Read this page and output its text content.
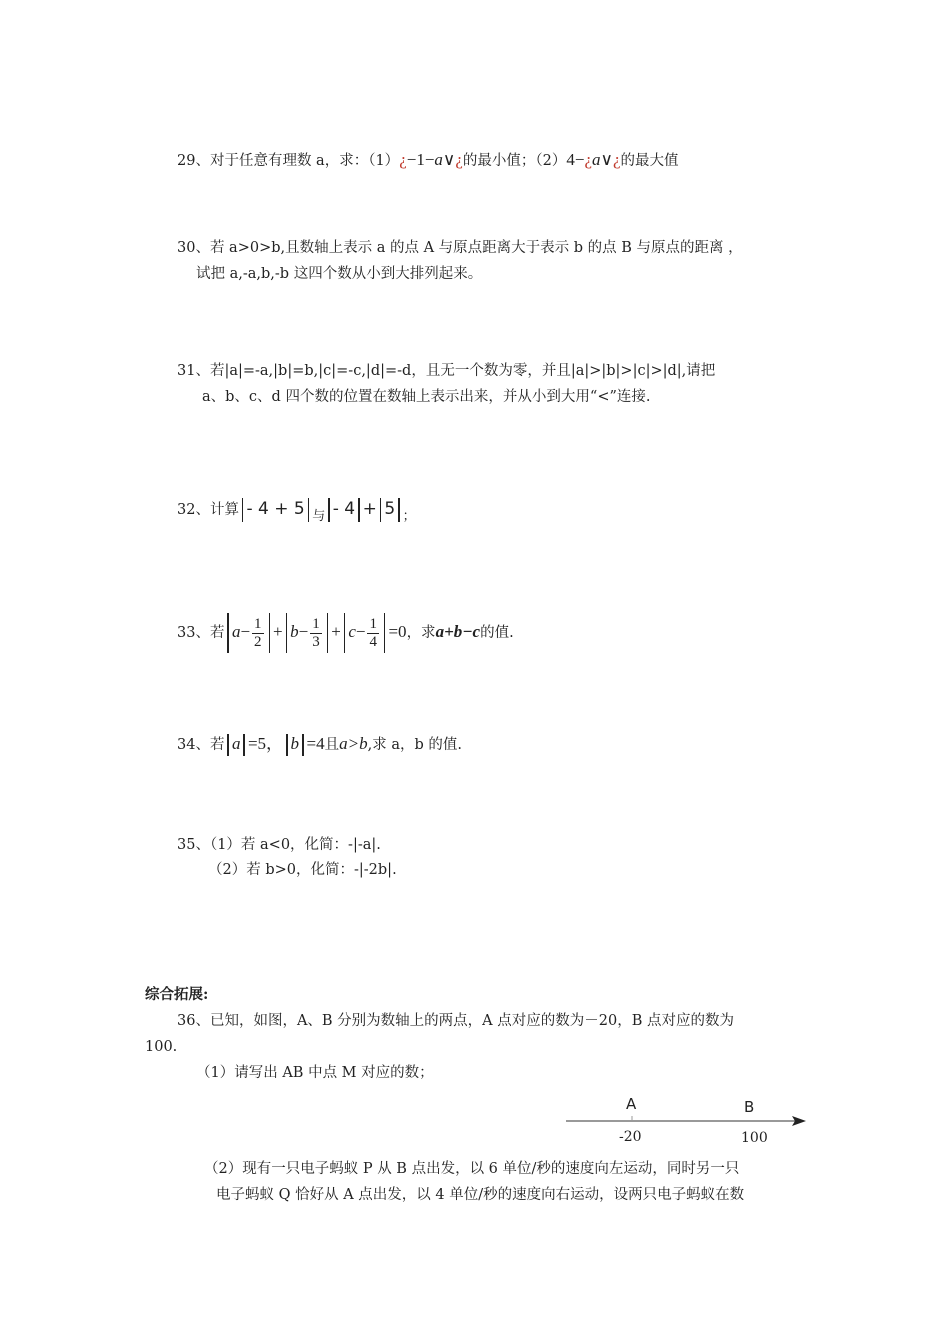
29、对于任意有理数 a，求：（1）¿−1−a∨¿的最小值；（2）4−¿a∨¿的最大值
30、若 a>0>b,且数轴上表示 a 的点 A 与原点距离大于表示 b 的点 B 与原点的距离 ，
试把 a,-a,b,-b 这四个数从小到大排列起来。
31、若|a|=-a,|b|=b,|c|=-c,|d|=-d，且无一个数为零，并且|a|>|b|>|c|>|d|,请把
a、b、c、d 四个数的位置在数轴上表示出来，并从小到大用“<”连接.
32、计算 - 4 + 5 与 - 4 + 5 ；
33、若 $a- \frac{1}{2} + b- \frac{1}{3} + c- \frac{1}{4} =0$，求a+b−c的值.
34、若 a =5， b =4且a>b,求 a，b 的值.
35、（1）若 a<0，化简：-|-a|.
（2）若 b>0，化简：-|-2b|.
综合拓展:
36、已知，如图，A、B 分别为数轴上的两点，A 点对应的数为－20，B 点对应的数为
100.
（1）请写出 AB 中点 M 对应的数；
A	B
-20	100
（2）现有一只电子蚂蚁 P 从 B 点出发，以 6 单位/秒的速度向左运动，同时另一只
电子蚂蚁 Q 恰好从 A 点出发，以 4 单位/秒的速度向右运动，设两只电子蚂蚁在数
